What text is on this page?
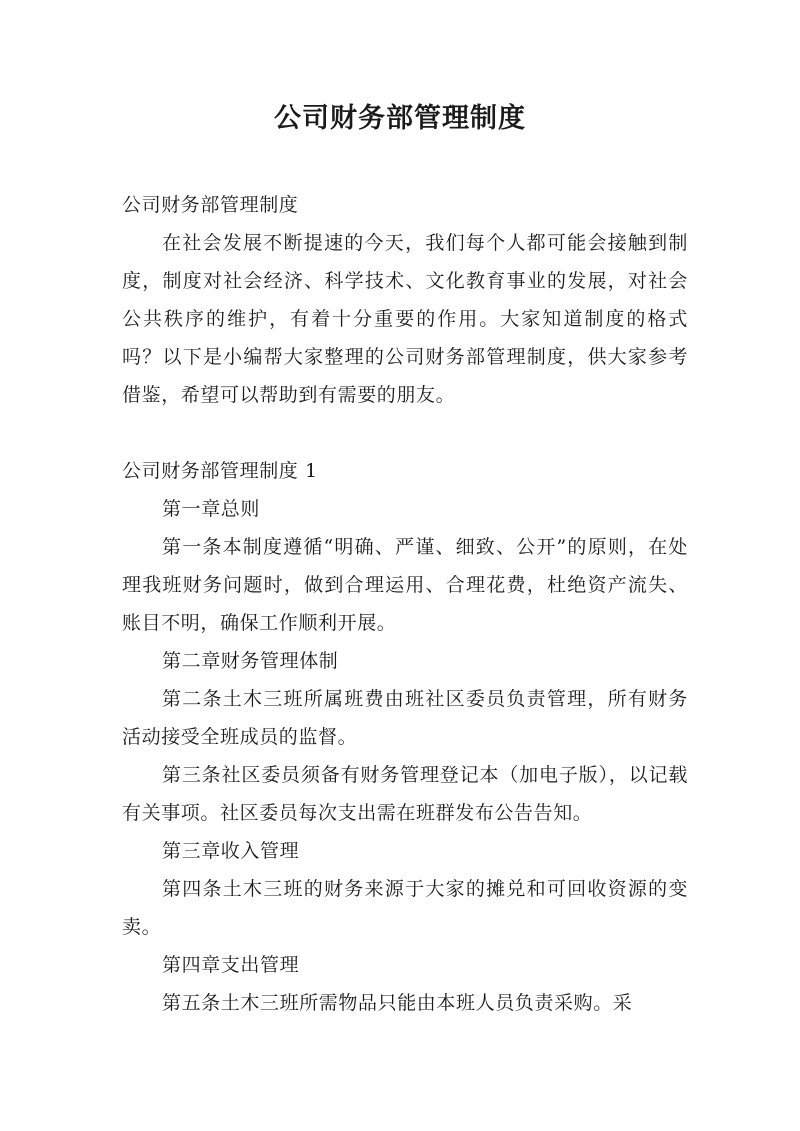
公司财务部管理制度

公司财务部管理制度

在社会发展不断提速的今天，我们每个人都可能会接触到制度，制度对社会经济、科学技术、文化教育事业的发展，对社会公共秩序的维护，有着十分重要的作用。大家知道制度的格式吗？以下是小编帮大家整理的公司财务部管理制度，供大家参考借鉴，希望可以帮助到有需要的朋友。

公司财务部管理制度 1

第一章总则

第一条本制度遵循“明确、严谨、细致、公开”的原则，在处理我班财务问题时，做到合理运用、合理花费，杜绝资产流失、账目不明，确保工作顺利开展。

第二章财务管理体制

第二条土木三班所属班费由班社区委员负责管理，所有财务活动接受全班成员的监督。

第三条社区委员须备有财务管理登记本（加电子版），以记载有关事项。社区委员每次支出需在班群发布公告告知。

第三章收入管理

第四条土木三班的财务来源于大家的摊兑和可回收资源的变卖。

第四章支出管理

第五条土木三班所需物品只能由本班人员负责采购。采
